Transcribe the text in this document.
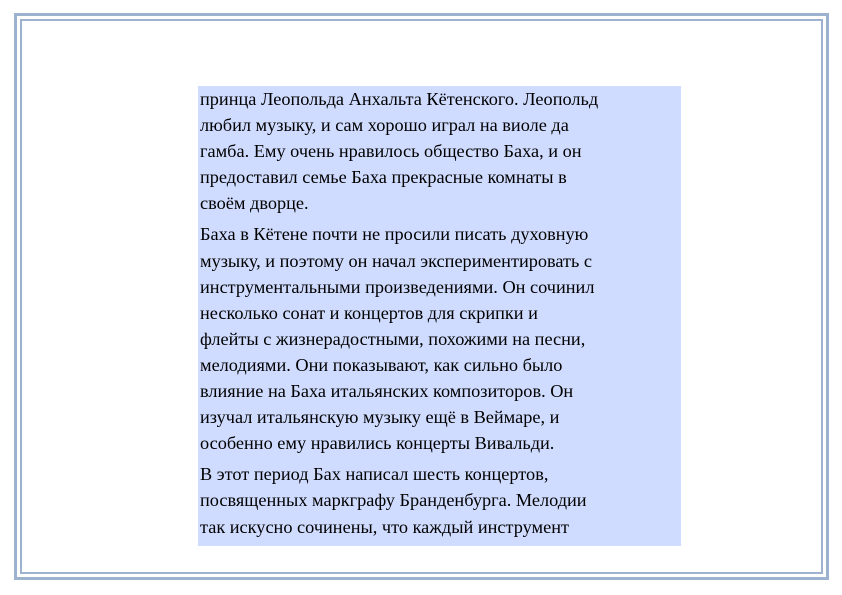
принца Леопольда Анхальта Кётенского. Леопольд
любил музыку, и сам хорошо играл на виоле да
гамба. Ему очень нравилось общество Баха, и он
предоставил семье Баха прекрасные комнаты в
своём дворце.

Баха в Кётене почти не просили писать духовную
музыку, и поэтому он начал экспериментировать с
инструментальными произведениями. Он сочинил
несколько сонат и концертов для скрипки и
флейты с жизнерадостными, похожими на песни,
мелодиями. Они показывают, как сильно было
влияние на Баха итальянских композиторов. Он
изучал итальянскую музыку ещё в Веймаре, и
особенно ему нравились концерты Вивальди.

В этот период Бах написал шесть концертов,
посвященных маркграфу Бранденбурга. Мелодии
так искусно сочинены, что каждый инструмент
